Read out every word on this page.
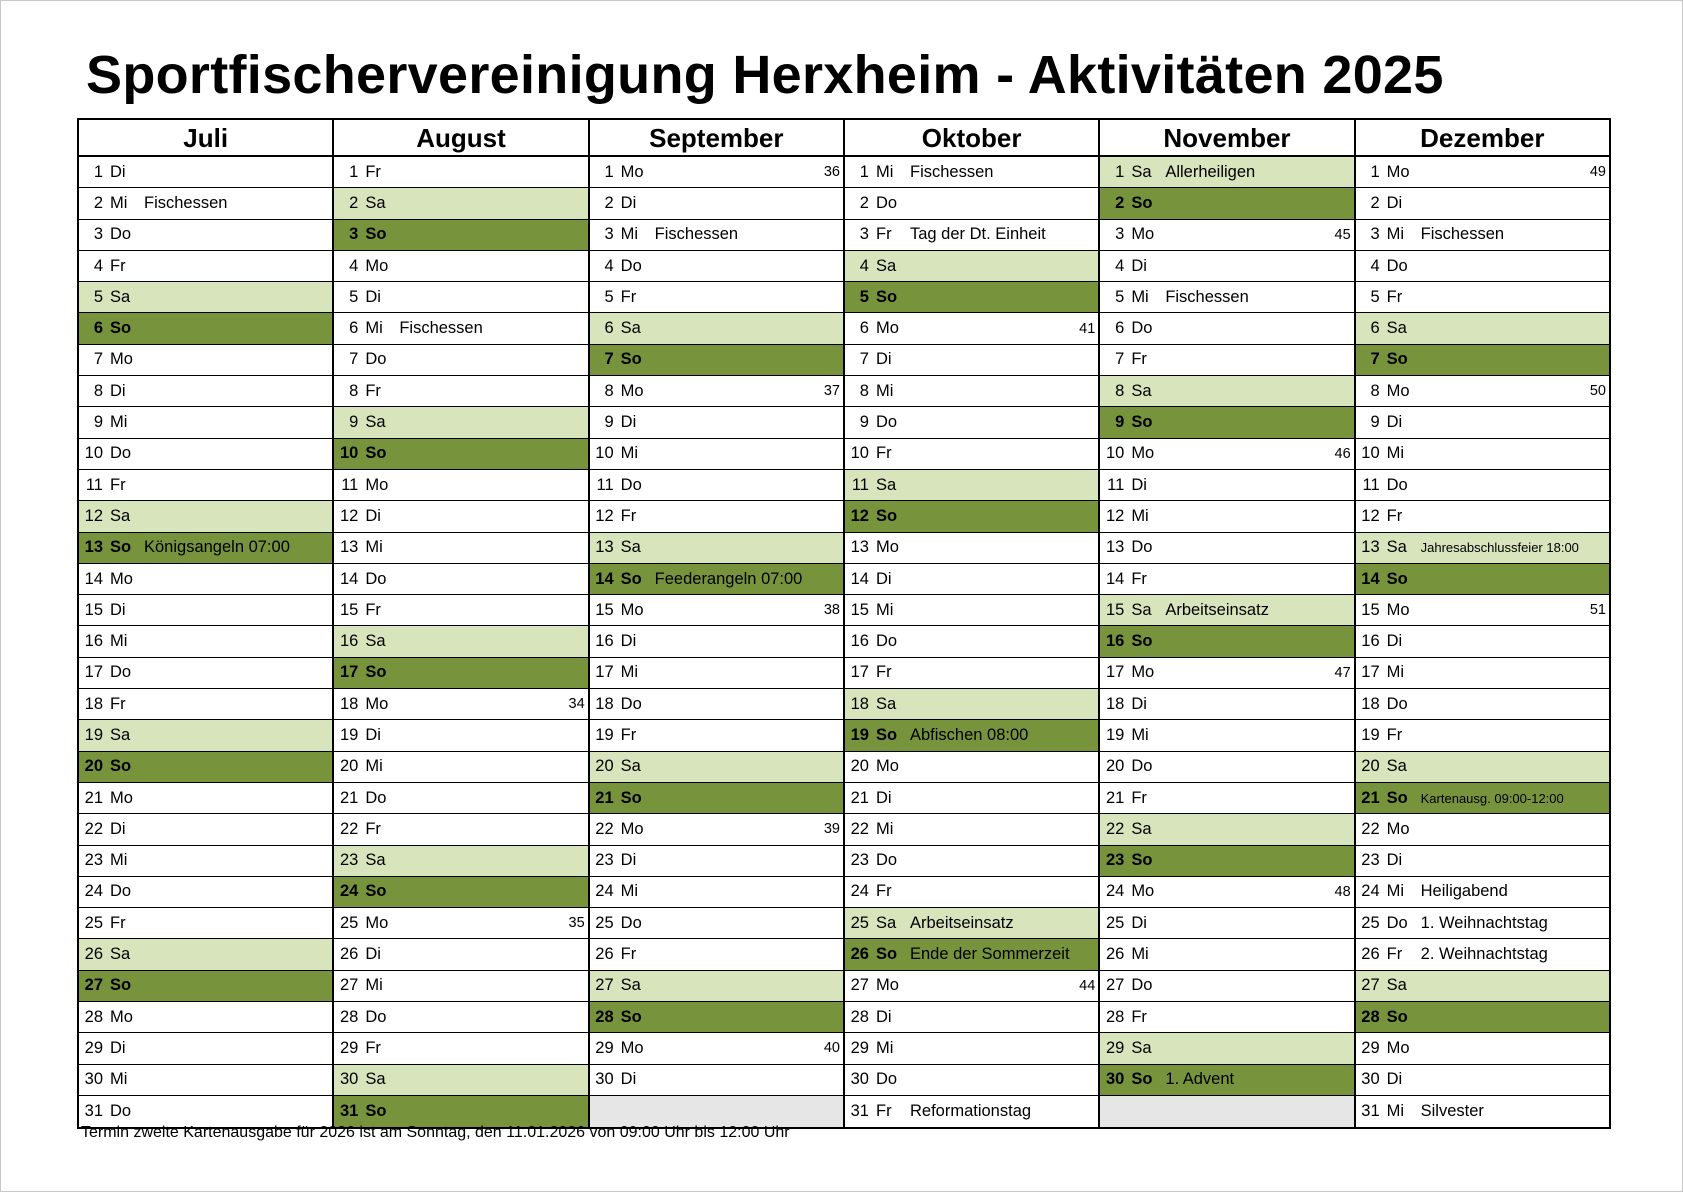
Sportfischervereinigung Herxheim - Aktivitäten 2025
Juli
1 Di
2 Mi	Fischessen
3 Do
4 Fr
5 Sa
6 So
7 Mo
8 Di
9 Mi
10 Do
11 Fr
12 Sa
13 So Königsangeln 07:00
14 Mo
15 Di
16 Mi
17 Do
18 Fr
19 Sa
20 So
21 Mo
22 Di
23 Mi
24 Do
25 Fr
26 Sa
27 So
28 Mo
29 Di
30 Mi
31 Do
August
1 Fr
2 Sa
3 So
4 Mo
5 Di
6 Mi	Fischessen
7 Do
8 Fr
9 Sa
10 So
11 Mo
12 Di
13 Mi
14 Do
15 Fr
16 Sa
17 So
18 Mo	34
19 Di
20 Mi
21 Do
22 Fr
23 Sa
24 So
25 Mo	35
26 Di
27 Mi
28 Do
29 Fr
30 Sa
31 So
September
1 Mo	36
2 Di
3 Mi	Fischessen
4 Do
5 Fr
6 Sa
7 So
8 Mo	37
9 Di
10 Mi
11 Do
12 Fr
13 Sa
14 So Feederangeln 07:00
15 Mo	38
16 Di
17 Mi
18 Do
19 Fr
20 Sa
21 So
22 Mo	39
23 Di
24 Mi
25 Do
26 Fr
27 Sa
28 So
29 Mo	40
30 Di
Oktober
1 Mi	Fischessen
2 Do
3 Fr	Tag der Dt. Einheit
4 Sa
5 So
6 Mo	41
7 Di
8 Mi
9 Do
10 Fr
11 Sa
12 So
13 Mo
14 Di
15 Mi
16 Do
17 Fr
18 Sa
19 So Abfischen 08:00
20 Mo
21 Di
22 Mi
23 Do
24 Fr
25 Sa Arbeitseinsatz
26 So Ende der Sommerzeit
27 Mo	44
28 Di
29 Mi
30 Do
31 Fr	Reformationstag
November
1 Sa Allerheiligen
2 So
3 Mo	45
4 Di
5 Mi	Fischessen
6 Do
7 Fr
8 Sa
9 So
10 Mo	46
11 Di
12 Mi
13 Do
14 Fr
15 Sa Arbeitseinsatz
16 So
17 Mo	47
18 Di
19 Mi
20 Do
21 Fr
22 Sa
23 So
24 Mo	48
25 Di
26 Mi
27 Do
28 Fr
29 Sa
30 So 1. Advent
Dezember
1 Mo	49
2 Di
3 Mi	Fischessen
4 Do
5 Fr
6 Sa
7 So
8 Mo	50
9 Di
10 Mi
11 Do
12 Fr
13 Sa	Jahresabschlussfeier 18:00
14 So
15 Mo	51
16 Di
17 Mi
18 Do
19 Fr
20 Sa
21 So Kartenausg. 09:00-12:00
22 Mo
23 Di
24 Mi	Heiligabend
25 Do 1. Weihnachtstag
26 Fr	2. Weihnachtstag
27 Sa
28 So
29 Mo
30 Di
31 Mi	Silvester
Termin zweite Kartenausgabe für 2026 ist am Sonntag, den 11.01.2026 von 09:00 Uhr bis 12:00 Uhr
